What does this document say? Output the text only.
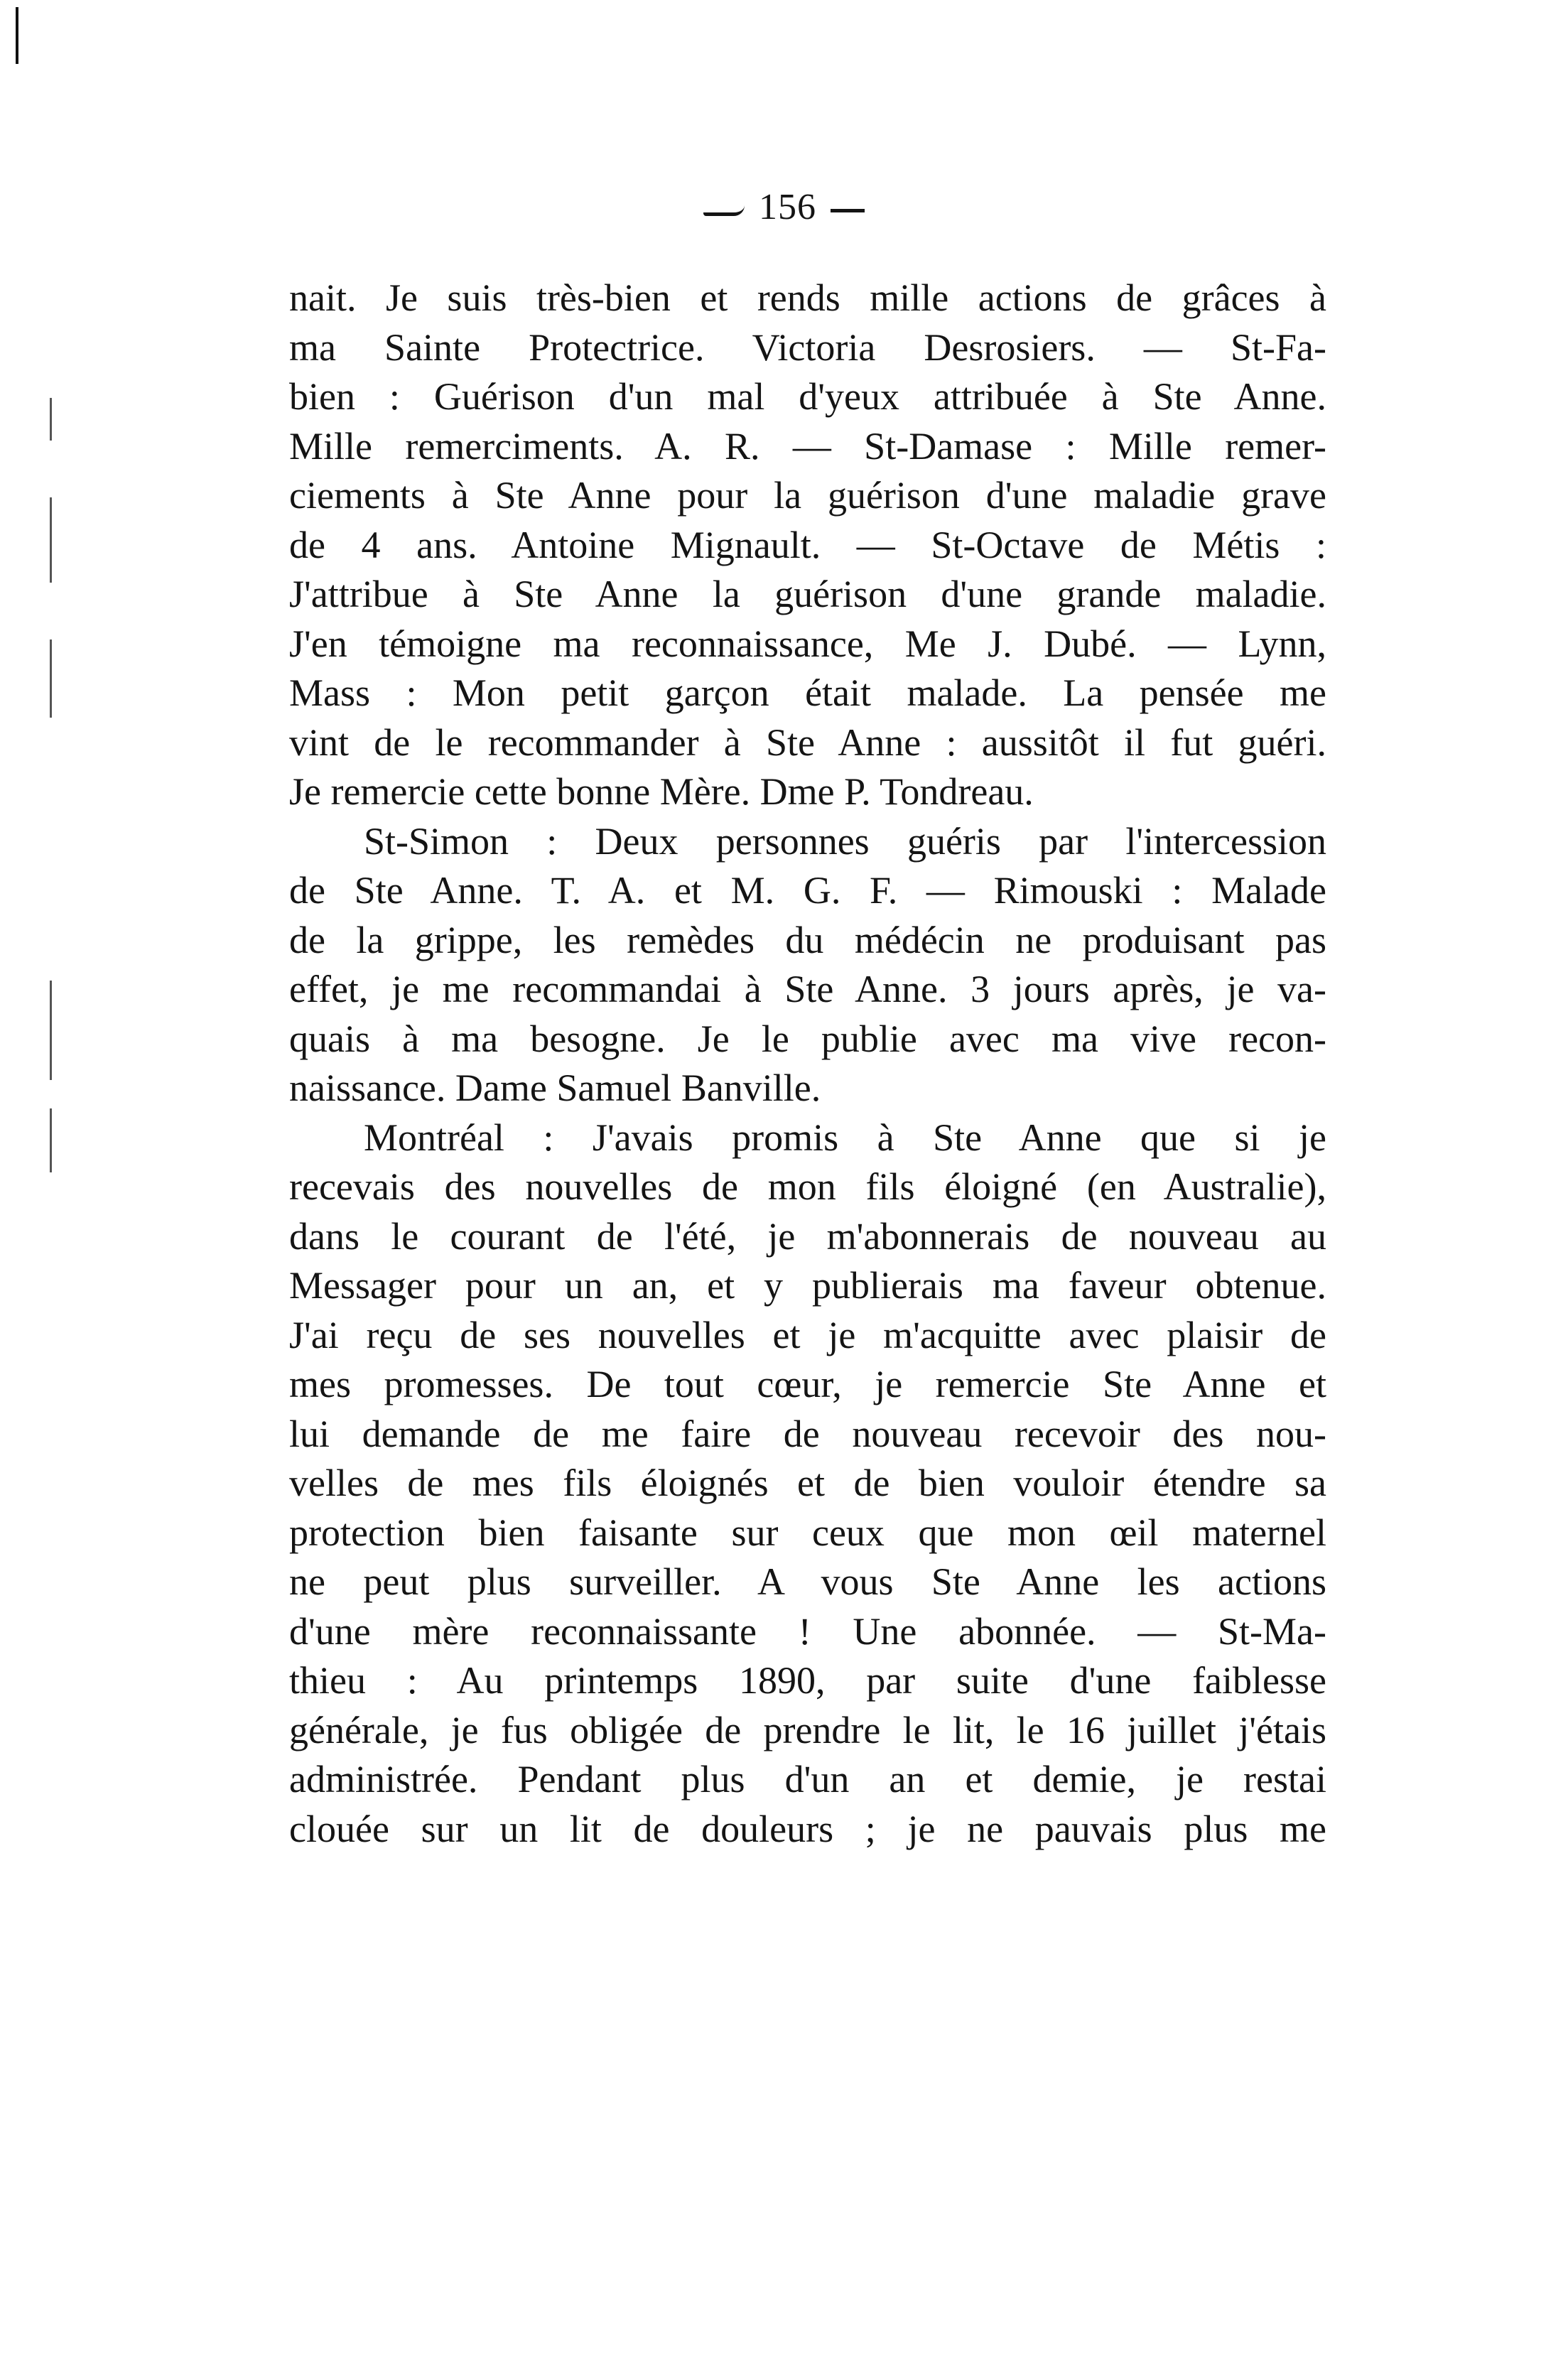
156
nait. Je suis très-bien et rends mille actions de grâces à
ma Sainte Protectrice. Victoria Desrosiers. — St-Fa-
bien : Guérison d'un mal d'yeux attribuée à Ste Anne.
Mille remerciments. A. R. — St-Damase : Mille remer-
ciements à Ste Anne pour la guérison d'une maladie grave
de 4 ans. Antoine Mignault. — St-Octave de Métis :
J'attribue à Ste Anne la guérison d'une grande maladie.
J'en témoigne ma reconnaissance, Me J. Dubé. — Lynn,
Mass : Mon petit garçon était malade. La pensée me
vint de le recommander à Ste Anne : aussitôt il fut guéri.
Je remercie cette bonne Mère. Dme P. Tondreau.
St-Simon : Deux personnes guéris par l'intercession
de Ste Anne. T. A. et M. G. F. — Rimouski : Malade
de la grippe, les remèdes du médécin ne produisant pas
effet, je me recommandai à Ste Anne. 3 jours après, je va-
quais à ma besogne. Je le publie avec ma vive recon-
naissance. Dame Samuel Banville.
Montréal : J'avais promis à Ste Anne que si je
recevais des nouvelles de mon fils éloigné (en Australie),
dans le courant de l'été, je m'abonnerais de nouveau au
Messager pour un an, et y publierais ma faveur obtenue.
J'ai reçu de ses nouvelles et je m'acquitte avec plaisir de
mes promesses. De tout cœur, je remercie Ste Anne et
lui demande de me faire de nouveau recevoir des nou-
velles de mes fils éloignés et de bien vouloir étendre sa
protection bien faisante sur ceux que mon œil maternel
ne peut plus surveiller. A vous Ste Anne les actions
d'une mère reconnaissante ! Une abonnée. — St-Ma-
thieu : Au printemps 1890, par suite d'une faiblesse
générale, je fus obligée de prendre le lit, le 16 juillet j'étais
administrée. Pendant plus d'un an et demie, je restai
clouée sur un lit de douleurs ; je ne pauvais plus me
